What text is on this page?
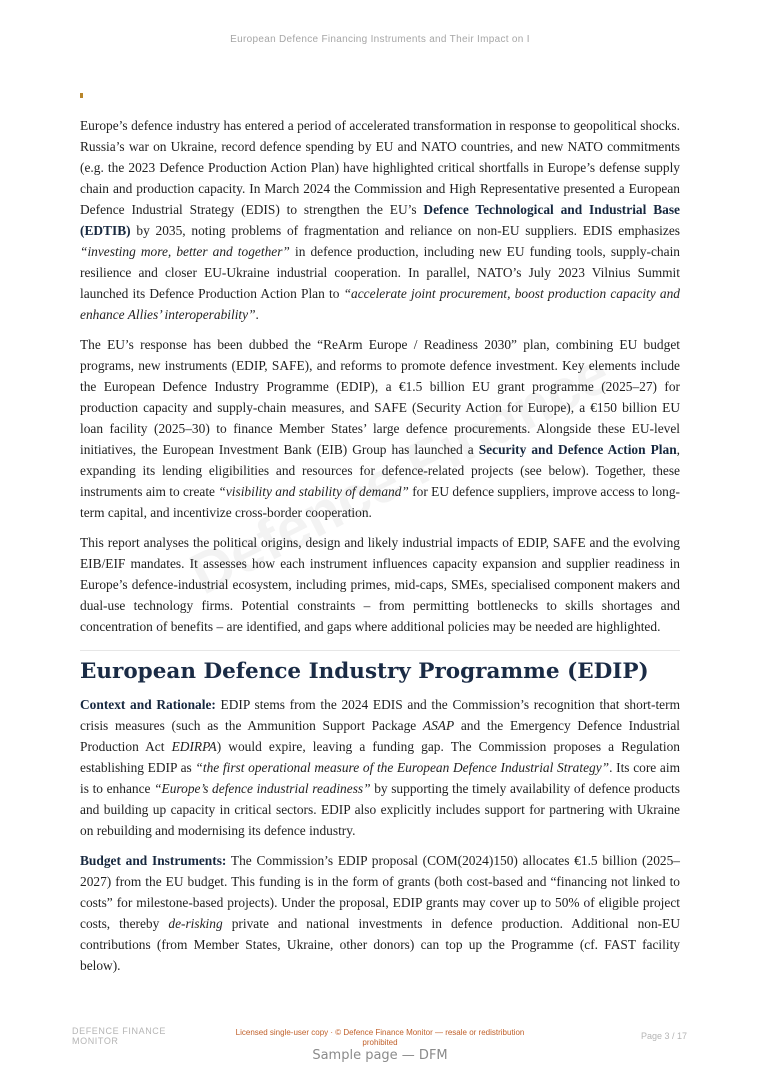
European Defence Financing Instruments and Their Impact on I

Europe’s defence industry has entered a period of accelerated transformation in response to geopolitical shocks. Russia’s war on Ukraine, record defence spending by EU and NATO countries, and new NATO commitments (e.g. the 2023 Defence Production Action Plan) have highlighted critical shortfalls in Europe’s defense supply chain and production capacity. In March 2024 the Commission and High Representative presented a European Defence Industrial Strategy (EDIS) to strengthen the EU’s Defence Technological and Industrial Base (EDTIB) by 2035, noting problems of fragmentation and reliance on non-EU suppliers. EDIS emphasizes “investing more, better and together” in defence production, including new EU funding tools, supply-chain resilience and closer EU-Ukraine industrial cooperation. In parallel, NATO’s July 2023 Vilnius Summit launched its Defence Production Action Plan to “accelerate joint procurement, boost production capacity and enhance Allies’ interoperability”.

The EU’s response has been dubbed the “ReArm Europe / Readiness 2030” plan, combining EU budget programs, new instruments (EDIP, SAFE), and reforms to promote defence investment. Key elements include the European Defence Industry Programme (EDIP), a €1.5 billion EU grant programme (2025–27) for production capacity and supply-chain measures, and SAFE (Security Action for Europe), a €150 billion EU loan facility (2025–30) to finance Member States’ large defence procurements. Alongside these EU-level initiatives, the European Investment Bank (EIB) Group has launched a Security and Defence Action Plan, expanding its lending eligibilities and resources for defence-related projects (see below). Together, these instruments aim to create “visibility and stability of demand” for EU defence suppliers, improve access to long-term capital, and incentivize cross-border cooperation.

This report analyses the political origins, design and likely industrial impacts of EDIP, SAFE and the evolving EIB/EIF mandates. It assesses how each instrument influences capacity expansion and supplier readiness in Europe’s defence-industrial ecosystem, including primes, mid-caps, SMEs, specialised component makers and dual-use technology firms. Potential constraints – from permitting bottlenecks to skills shortages and concentration of benefits – are identified, and gaps where additional policies may be needed are highlighted.

European Defence Industry Programme (EDIP)

Context and Rationale: EDIP stems from the 2024 EDIS and the Commission’s recognition that short-term crisis measures (such as the Ammunition Support Package ASAP and the Emergency Defence Industrial Production Act EDIRPA) would expire, leaving a funding gap. The Commission proposes a Regulation establishing EDIP as “the first operational measure of the European Defence Industrial Strategy”. Its core aim is to enhance “Europe’s defence industrial readiness” by supporting the timely availability of defence products and building up capacity in critical sectors. EDIP also explicitly includes support for partnering with Ukraine on rebuilding and modernising its defence industry.

Budget and Instruments: The Commission’s EDIP proposal (COM(2024)150) allocates €1.5 billion (2025–2027) from the EU budget. This funding is in the form of grants (both cost‑based and “financing not linked to costs” for milestone-based projects). Under the proposal, EDIP grants may cover up to 50% of eligible project costs, thereby de-risking private and national investments in defence production. Additional non-EU contributions (from Member States, Ukraine, other donors) can top up the Programme (cf. FAST facility below).

DEFENCE FINANCE
MONITOR
Licensed single-user copy · © Defence Finance Monitor — resale or redistribution prohibited
Page 3 / 17
Sample page — DFM
